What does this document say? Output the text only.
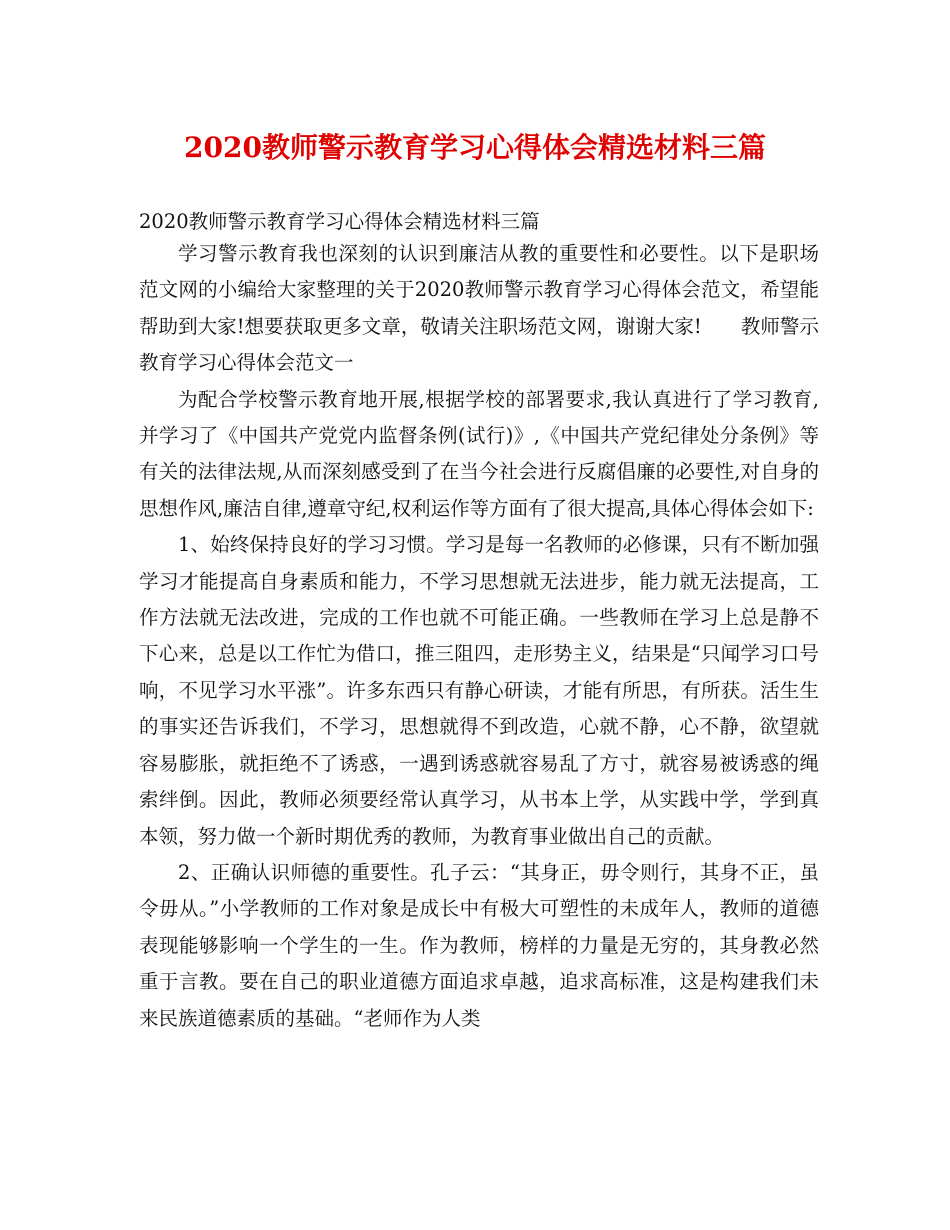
2020教师警示教育学习心得体会精选材料三篇
2020教师警示教育学习心得体会精选材料三篇

学习警示教育我也深刻的认识到廉洁从教的重要性和必要性。以下是职场范文网的小编给大家整理的关于2020教师警示教育学习心得体会范文，希望能帮助到大家!想要获取更多文章，敬请关注职场范文网，谢谢大家!　　教师警示教育学习心得体会范文一

为配合学校警示教育地开展,根据学校的部署要求,我认真进行了学习教育,并学习了《中国共产党党内监督条例(试行)》,《中国共产党纪律处分条例》等有关的法律法规,从而深刻感受到了在当今社会进行反腐倡廉的必要性,对自身的思想作风,廉洁自律,遵章守纪,权利运作等方面有了很大提高,具体心得体会如下:

1、始终保持良好的学习习惯。学习是每一名教师的必修课，只有不断加强学习才能提高自身素质和能力，不学习思想就无法进步，能力就无法提高，工作方法就无法改进，完成的工作也就不可能正确。一些教师在学习上总是静不下心来，总是以工作忙为借口，推三阻四，走形势主义，结果是“只闻学习口号响，不见学习水平涨”。许多东西只有静心研读，才能有所思，有所获。活生生的事实还告诉我们，不学习，思想就得不到改造，心就不静，心不静，欲望就容易膨胀，就拒绝不了诱惑，一遇到诱惑就容易乱了方寸，就容易被诱惑的绳索绊倒。因此，教师必须要经常认真学习，从书本上学，从实践中学，学到真本领，努力做一个新时期优秀的教师，为教育事业做出自己的贡献。

2、正确认识师德的重要性。孔子云：“其身正，毋令则行，其身不正，虽令毋从。”小学教师的工作对象是成长中有极大可塑性的未成年人，教师的道德表现能够影响一个学生的一生。作为教师，榜样的力量是无穷的，其身教必然重于言教。要在自己的职业道德方面追求卓越，追求高标准，这是构建我们未来民族道德素质的基础。“老师作为人类
